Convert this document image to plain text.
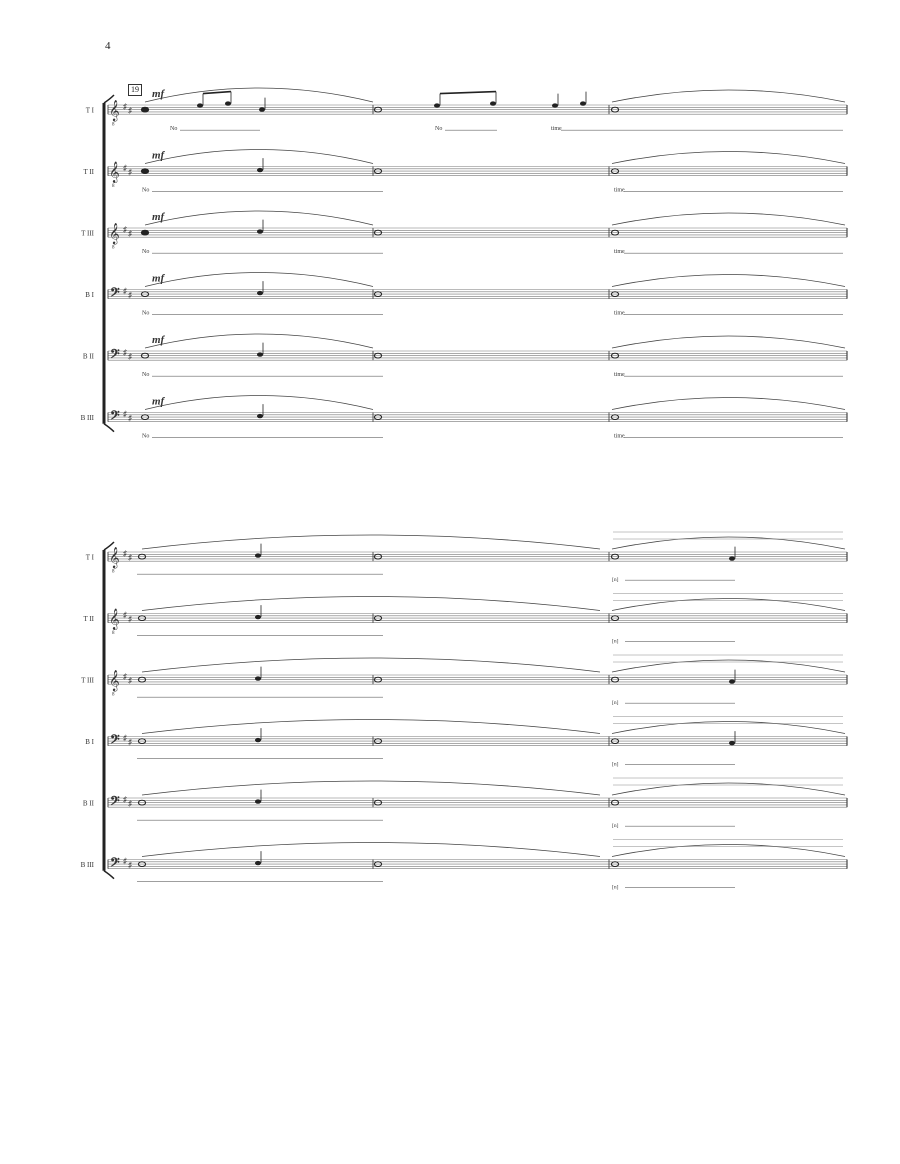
4
19
T I 𝄞
8
♯ ♯
mf
No	No	time
T II 𝄞
8
♯ ♯
mf
No	time
T III 𝄞
8
♯ ♯
mf
No	time
B I 𝄢 ♯ ♯
mf
No	time
B II 𝄢 ♯ ♯
mf
No	time
B III 𝄢 ♯ ♯
mf
No	time
T I 𝄞
8
♯ ♯
[n]
T II 𝄞
8
♯ ♯
[n]
T III 𝄞
8
♯ ♯
[n]
B I 𝄢 ♯ ♯
[n]
B II 𝄢 ♯ ♯
[n]
B III 𝄢 ♯ ♯
[n]
